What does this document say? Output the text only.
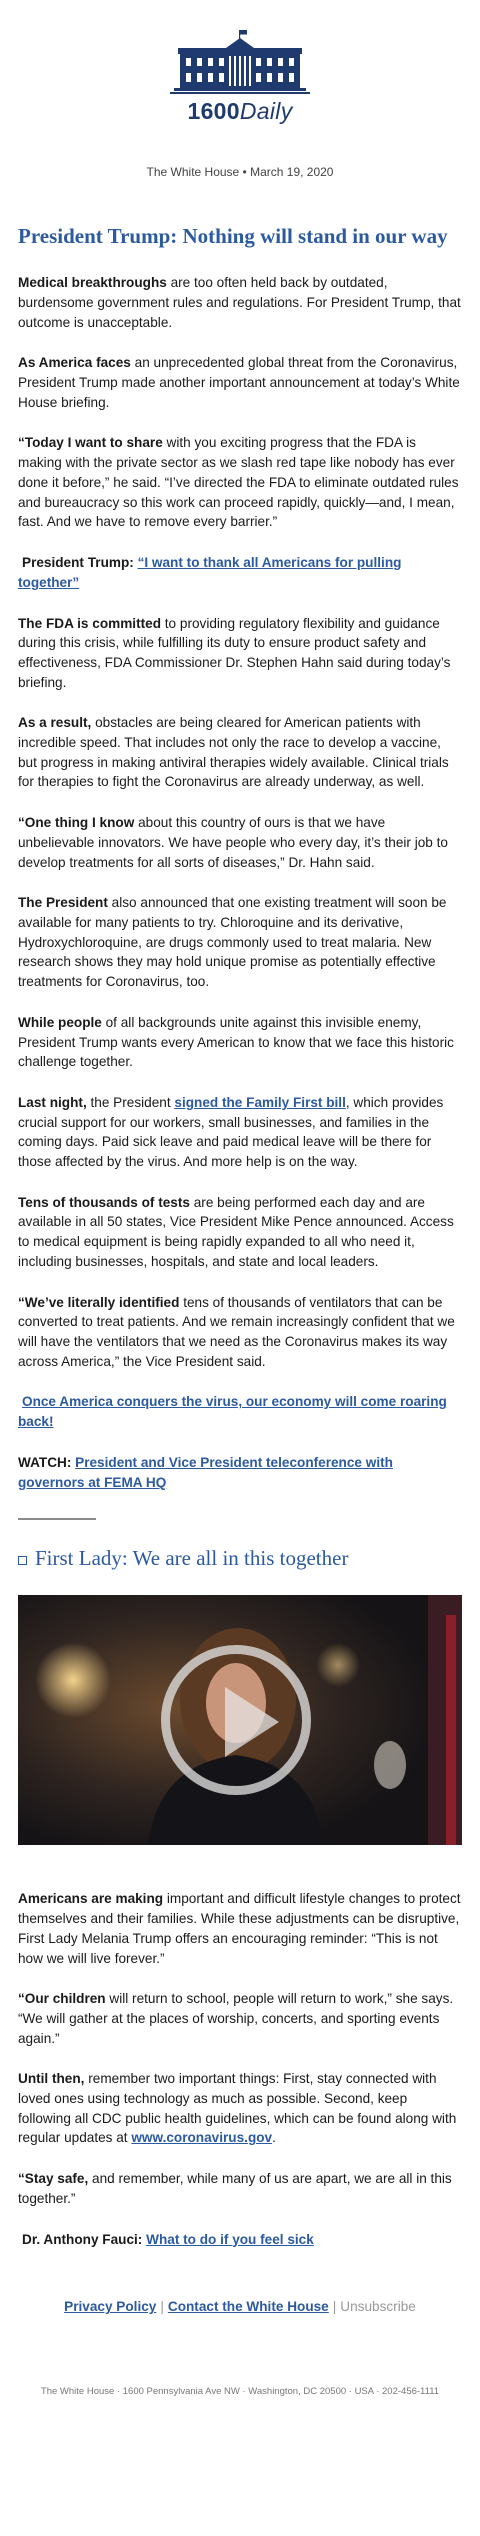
1600Daily
The White House • March 19, 2020
President Trump: Nothing will stand in our way

Medical breakthroughs are too often held back by outdated, burdensome government rules and regulations. For President Trump, that outcome is unacceptable.

As America faces an unprecedented global threat from the Coronavirus, President Trump made another important announcement at today’s White House briefing.

“Today I want to share with you exciting progress that the FDA is making with the private sector as we slash red tape like nobody has ever done it before,” he said. “I’ve directed the FDA to eliminate outdated rules and bureaucracy so this work can proceed rapidly, quickly—and, I mean, fast. And we have to remove every barrier.”

President Trump: “I want to thank all Americans for pulling together”

The FDA is committed to providing regulatory flexibility and guidance during this crisis, while fulfilling its duty to ensure product safety and effectiveness, FDA Commissioner Dr. Stephen Hahn said during today’s briefing.

As a result, obstacles are being cleared for American patients with incredible speed. That includes not only the race to develop a vaccine, but progress in making antiviral therapies widely available. Clinical trials for therapies to fight the Coronavirus are already underway, as well.

“One thing I know about this country of ours is that we have unbelievable innovators. We have people who every day, it’s their job to develop treatments for all sorts of diseases,” Dr. Hahn said.

The President also announced that one existing treatment will soon be available for many patients to try. Chloroquine and its derivative, Hydroxychloroquine, are drugs commonly used to treat malaria. New research shows they may hold unique promise as potentially effective treatments for Coronavirus, too.

While people of all backgrounds unite against this invisible enemy, President Trump wants every American to know that we face this historic challenge together.

Last night, the President signed the Family First bill, which provides crucial support for our workers, small businesses, and families in the coming days. Paid sick leave and paid medical leave will be there for those affected by the virus. And more help is on the way.

Tens of thousands of tests are being performed each day and are available in all 50 states, Vice President Mike Pence announced. Access to medical equipment is being rapidly expanded to all who need it, including businesses, hospitals, and state and local leaders.

“We’ve literally identified tens of thousands of ventilators that can be converted to treat patients. And we remain increasingly confident that we will have the ventilators that we need as the Coronavirus makes its way across America,” the Vice President said.

Once America conquers the virus, our economy will come roaring back!

WATCH: President and Vice President teleconference with governors at FEMA HQ

First Lady: We are all in this together

Americans are making important and difficult lifestyle changes to protect themselves and their families. While these adjustments can be disruptive, First Lady Melania Trump offers an encouraging reminder: “This is not how we will live forever.”

“Our children will return to school, people will return to work,” she says. “We will gather at the places of worship, concerts, and sporting events again.”

Until then, remember two important things: First, stay connected with loved ones using technology as much as possible. Second, keep following all CDC public health guidelines, which can be found along with regular updates at www.coronavirus.gov.

“Stay safe, and remember, while many of us are apart, we are all in this together.”

Dr. Anthony Fauci: What to do if you feel sick

Privacy Policy | Contact the White House | Unsubscribe
The White House · 1600 Pennsylvania Ave NW · Washington, DC 20500 · USA · 202-456-1111
